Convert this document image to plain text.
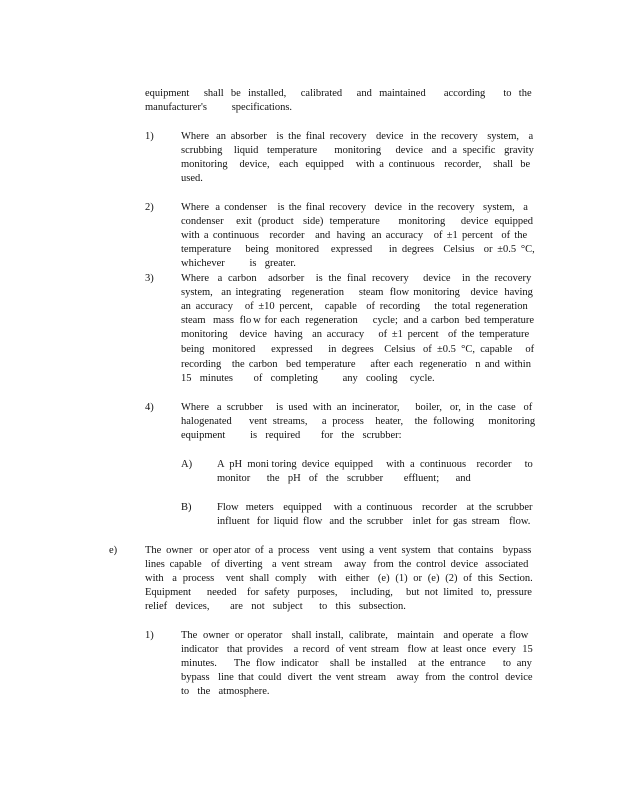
equipment    shall  be  installed,    calibrated    and  maintained     according     to  the
manufacturer's      specifications.
1)	Where   an  absorber    is  the  final  recovery    device   in  the  recovery    system,    a
scrubbing    liquid   temperature      monitoring     device   and  a  specific   gravity
monitoring     device,    each   equipped     with  a  continuous    recorder,     shall   be
used.
2)	Where   a  condenser     is  the  final  recovery    device   in  the  recovery    system,    a
condenser    exit  (product   side)  temperature      monitoring     device  equipped
with  a  continuous     recorder     and   having   an  accuracy     of  ±1  percent    of  the
temperature      being   monitored     expressed       in  degrees    Celsius    or  ±0.5  °C,
whichever      is  greater.
3)	Where   a  carbon    adsorber    is  the  final  recovery     device    in  the  recovery
system,    an  integrating     regeneration       steam   flow  monitoring     device   having
an  accuracy     of  ±10  percent,     capable    of  recording      the  total  regeneration
steam    mass   flo w  for  each   regeneration        cycle;   and  a  carbon   bed  temperature
monitoring     device   having    an  accuracy      of  ±1  percent    of  the  temperature
being   monitored      expressed      in  degrees    Celsius   of  ±0.5  °C,  capable     of
recording     the  carbon    bed  temperature       after  each   regeneratio    n  and  within
15  minutes     of  completing      any  cooling   cycle.
4)	Where   a  scrubber     is  used  with  an  incinerator,      boiler,   or,  in  the  case   of
halogenated      vent  streams,     a  process    heater,    the  following     monitoring
equipment      is  required     for  the  scrubber:
A) A  pH  moni toring  device  equipped     with  a  continuous    recorder     to
monitor    the  pH  of  the  scrubber     effluent;    and
B) Flow   meters    equipped     with  a  continuous    recorder    at  the  scrubber
influent   for  liquid  flow   and  the  scrubber    inlet  for  gas  stream    flow.
e)	The  owner   or  oper ator  of  a  process    vent  using  a  vent  system   that  contains    bypass
lines  capable    of  diverting    a  vent  stream     away   from  the  control  device   associated
with   a  process    vent  shall  comply    with   either   (e)  (1)  or  (e)  (2)  of  this  Section.
Equipment      needed    for  safety   purposes,     including,     but  not  limited   to,  pressure
relief  devices,     are  not  subject    to  this  subsection.
1)	The   owner   or  operator     shall  install,   calibrate,     maintain     and  operate    a  flow
indicator    that  provides     a  record   of  vent  stream    flow  at  least  once   every   15
minutes.      The  flow  indicator    shall  be  installed    at  the  entrance      to  any
bypass    line  that  could   divert   the  vent  stream     away   from   the  control   device
to  the  atmosphere.
